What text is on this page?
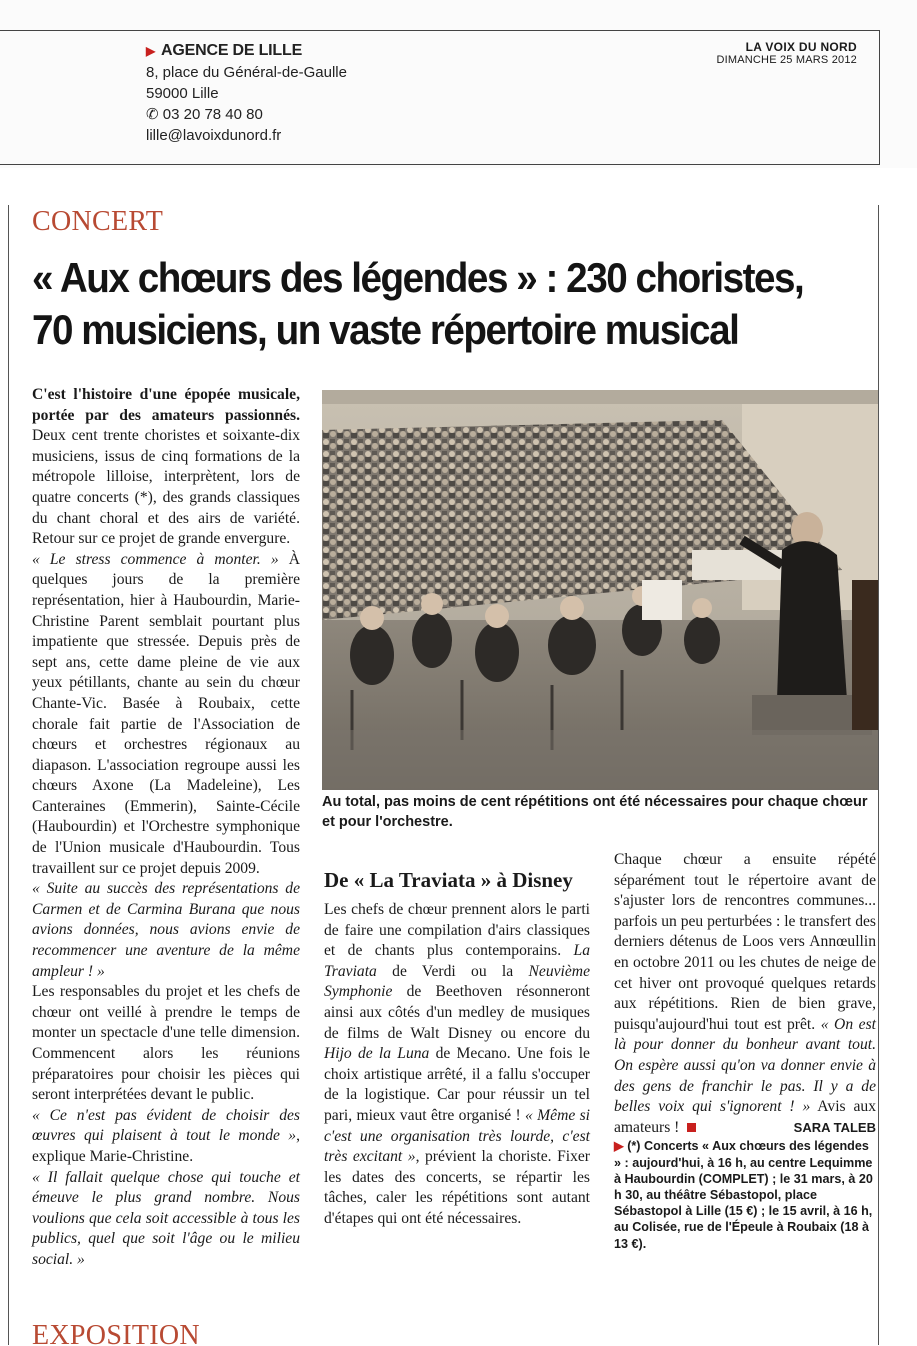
▶ AGENCE DE LILLE
8, place du Général-de-Gaulle
59000 Lille
✆ 03 20 78 40 80
lille@lavoixdunord.fr
LA VOIX DU NORD
DIMANCHE 25 MARS 2012
CONCERT
« Aux chœurs des légendes » : 230 choristes,
70 musiciens, un vaste répertoire musical

C'est l'histoire d'une épopée musicale, portée par des amateurs passionnés. Deux cent trente choristes et soixante-dix musiciens, issus de cinq formations de la métropole lilloise, interprètent, lors de quatre concerts (*), des grands classiques du chant choral et des airs de variété. Retour sur ce projet de grande envergure.

« Le stress commence à monter. » À quelques jours de la première représentation, hier à Haubourdin, Marie-Christine Parent semblait pourtant plus impatiente que stressée. Depuis près de sept ans, cette dame pleine de vie aux yeux pétillants, chante au sein du chœur Chante-Vic. Basée à Roubaix, cette chorale fait partie de l'Association de chœurs et orchestres régionaux au diapason. L'association regroupe aussi les chœurs Axone (La Madeleine), Les Canteraines (Emmerin), Sainte-Cécile (Haubourdin) et l'Orchestre symphonique de l'Union musicale d'Haubourdin. Tous travaillent sur ce projet depuis 2009.

« Suite au succès des représentations de Carmen et de Carmina Burana que nous avions données, nous avions envie de recommencer une aventure de la même ampleur ! »

Les responsables du projet et les chefs de chœur ont veillé à prendre le temps de monter un spectacle d'une telle dimension. Commencent alors les réunions préparatoires pour choisir les pièces qui seront interprétées devant le public.

« Ce n'est pas évident de choisir des œuvres qui plaisent à tout le monde », explique Marie-Christine.

« Il fallait quelque chose qui touche et émeuve le plus grand nombre. Nous voulions que cela soit accessible à tous les publics, quel que soit l'âge ou le milieu social. »

Au total, pas moins de cent répétitions ont été nécessaires pour chaque chœur et pour l'orchestre.
De « La Traviata » à Disney

Les chefs de chœur prennent alors le parti de faire une compilation d'airs classiques et de chants plus contemporains. La Traviata de Verdi ou la Neuvième Symphonie de Beethoven résonneront ainsi aux côtés d'un medley de musiques de films de Walt Disney ou encore du Hijo de la Luna de Mecano. Une fois le choix artistique arrêté, il a fallu s'occuper de la logistique. Car pour réussir un tel pari, mieux vaut être organisé ! « Même si c'est une organisation très lourde, c'est très excitant », prévient la choriste. Fixer les dates des concerts, se répartir les tâches, caler les répétitions sont autant d'étapes qui ont été nécessaires.

Chaque chœur a ensuite répété séparément tout le répertoire avant de s'ajuster lors de rencontres communes... parfois un peu perturbées : le transfert des derniers détenus de Loos vers Annœullin en octobre 2011 ou les chutes de neige de cet hiver ont provoqué quelques retards aux répétitions. Rien de bien grave, puisqu'aujourd'hui tout est prêt. « On est là pour donner du bonheur avant tout. On espère aussi qu'on va donner envie à des gens de franchir le pas. Il y a de belles voix qui s'ignorent ! » Avis aux amateurs !	SARA TALEB

▶ (*) Concerts « Aux chœurs des légendes » : aujourd'hui, à 16 h, au centre Lequimme à Haubourdin (COMPLET) ; le 31 mars, à 20 h 30, au théâtre Sébastopol, place Sébastopol à Lille (15 €) ; le 15 avril, à 16 h, au Colisée, rue de l'Épeule à Roubaix (18 à 13 €).

EXPOSITION
